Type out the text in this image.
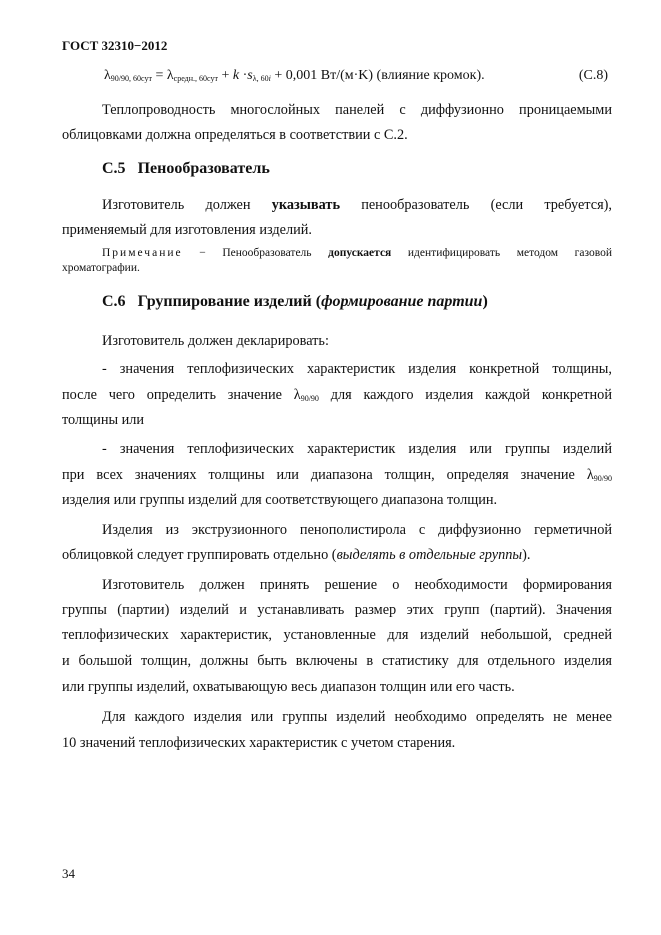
ГОСТ 32310−2012
$\lambda_{90/90, 60сут} = \lambda_{средн., 60сут} + k \cdot s_{\lambda, 60i} + 0,001$ Вт/(м·K) (влияние кромок).	(С.8)
Теплопроводность многослойных панелей с диффузионно проницаемыми
облицовками должна определяться в соответствии с С.2.
С.5 Пенообразователь
Изготовитель должен указывать пенообразователь (если требуется),
применяемый для изготовления изделий.
Примечание − Пенообразователь допускается идентифицировать методом газовой
хроматографии.
С.6 Группирование изделий (формирование партии)
Изготовитель должен декларировать:
- значения теплофизических характеристик изделия конкретной толщины,
после чего определить значение $\lambda_{90/90}$ для каждого изделия каждой конкретной
толщины или
- значения теплофизических характеристик изделия или группы изделий
при всех значениях толщины или диапазона толщин, определяя значение $\lambda_{90/90}$
изделия или группы изделий для соответствующего диапазона толщин.
Изделия из экструзионного пенополистирола с диффузионно герметичной
облицовкой следует группировать отдельно (выделять в отдельные группы).
Изготовитель должен принять решение о необходимости формирования
группы (партии) изделий и устанавливать размер этих групп (партий). Значения
теплофизических характеристик, установленные для изделий небольшой, средней
и большой толщин, должны быть включены в статистику для отдельного изделия
или группы изделий, охватывающую весь диапазон толщин или его часть.
Для каждого изделия или группы изделий необходимо определять не менее
10 значений теплофизических характеристик с учетом старения.
34
